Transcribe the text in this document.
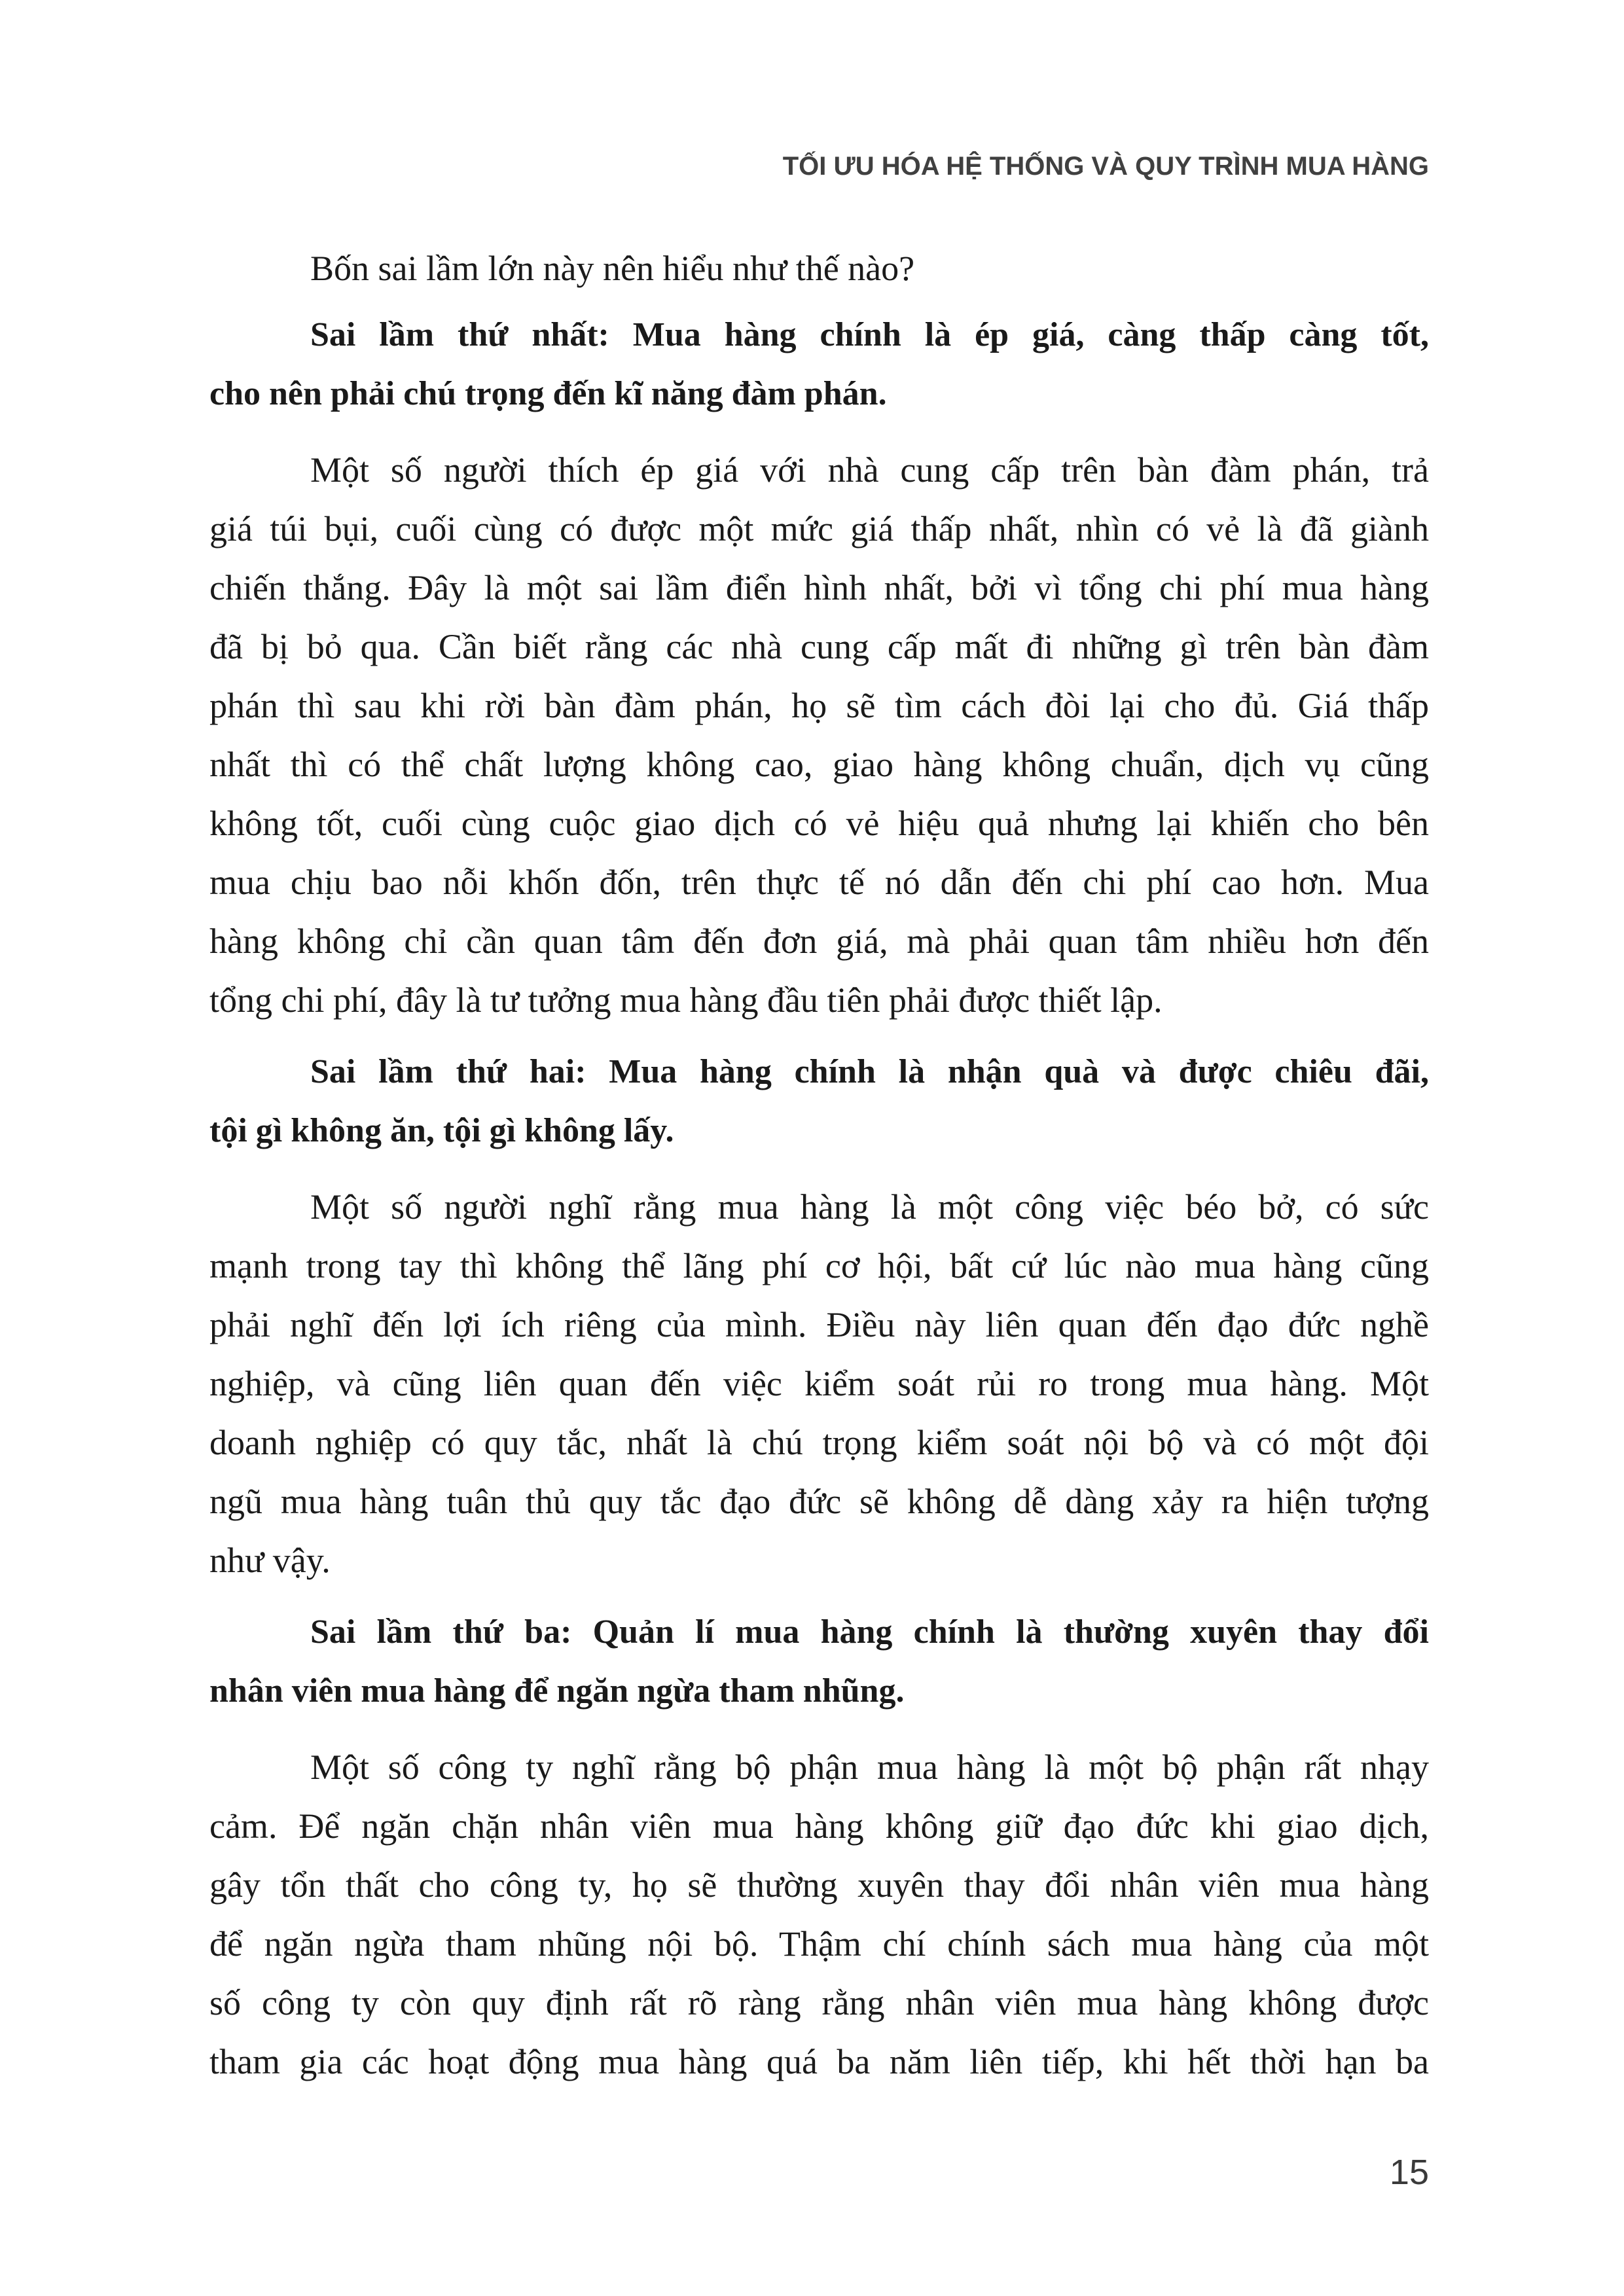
TỐI ƯU HÓA HỆ THỐNG VÀ QUY TRÌNH MUA HÀNG
Bốn sai lầm lớn này nên hiểu như thế nào?
Sai lầm thứ nhất: Mua hàng chính là ép giá, càng thấp càng tốt,
cho nên phải chú trọng đến kĩ năng đàm phán.
Một số người thích ép giá với nhà cung cấp trên bàn đàm phán, trả
giá túi bụi, cuối cùng có được một mức giá thấp nhất, nhìn có vẻ là đã giành
chiến thắng. Đây là một sai lầm điển hình nhất, bởi vì tổng chi phí mua hàng
đã bị bỏ qua. Cần biết rằng các nhà cung cấp mất đi những gì trên bàn đàm
phán thì sau khi rời bàn đàm phán, họ sẽ tìm cách đòi lại cho đủ. Giá thấp
nhất thì có thể chất lượng không cao, giao hàng không chuẩn, dịch vụ cũng
không tốt, cuối cùng cuộc giao dịch có vẻ hiệu quả nhưng lại khiến cho bên
mua chịu bao nỗi khốn đốn, trên thực tế nó dẫn đến chi phí cao hơn. Mua
hàng không chỉ cần quan tâm đến đơn giá, mà phải quan tâm nhiều hơn đến
tổng chi phí, đây là tư tưởng mua hàng đầu tiên phải được thiết lập.
Sai lầm thứ hai: Mua hàng chính là nhận quà và được chiêu đãi,
tội gì không ăn, tội gì không lấy.
Một số người nghĩ rằng mua hàng là một công việc béo bở, có sức
mạnh trong tay thì không thể lãng phí cơ hội, bất cứ lúc nào mua hàng cũng
phải nghĩ đến lợi ích riêng của mình. Điều này liên quan đến đạo đức nghề
nghiệp, và cũng liên quan đến việc kiểm soát rủi ro trong mua hàng. Một
doanh nghiệp có quy tắc, nhất là chú trọng kiểm soát nội bộ và có một đội
ngũ mua hàng tuân thủ quy tắc đạo đức sẽ không dễ dàng xảy ra hiện tượng
như vậy.
Sai lầm thứ ba: Quản lí mua hàng chính là thường xuyên thay đổi
nhân viên mua hàng để ngăn ngừa tham nhũng.
Một số công ty nghĩ rằng bộ phận mua hàng là một bộ phận rất nhạy
cảm. Để ngăn chặn nhân viên mua hàng không giữ đạo đức khi giao dịch,
gây tổn thất cho công ty, họ sẽ thường xuyên thay đổi nhân viên mua hàng
để ngăn ngừa tham nhũng nội bộ. Thậm chí chính sách mua hàng của một
số công ty còn quy định rất rõ ràng rằng nhân viên mua hàng không được
tham gia các hoạt động mua hàng quá ba năm liên tiếp, khi hết thời hạn ba
15
